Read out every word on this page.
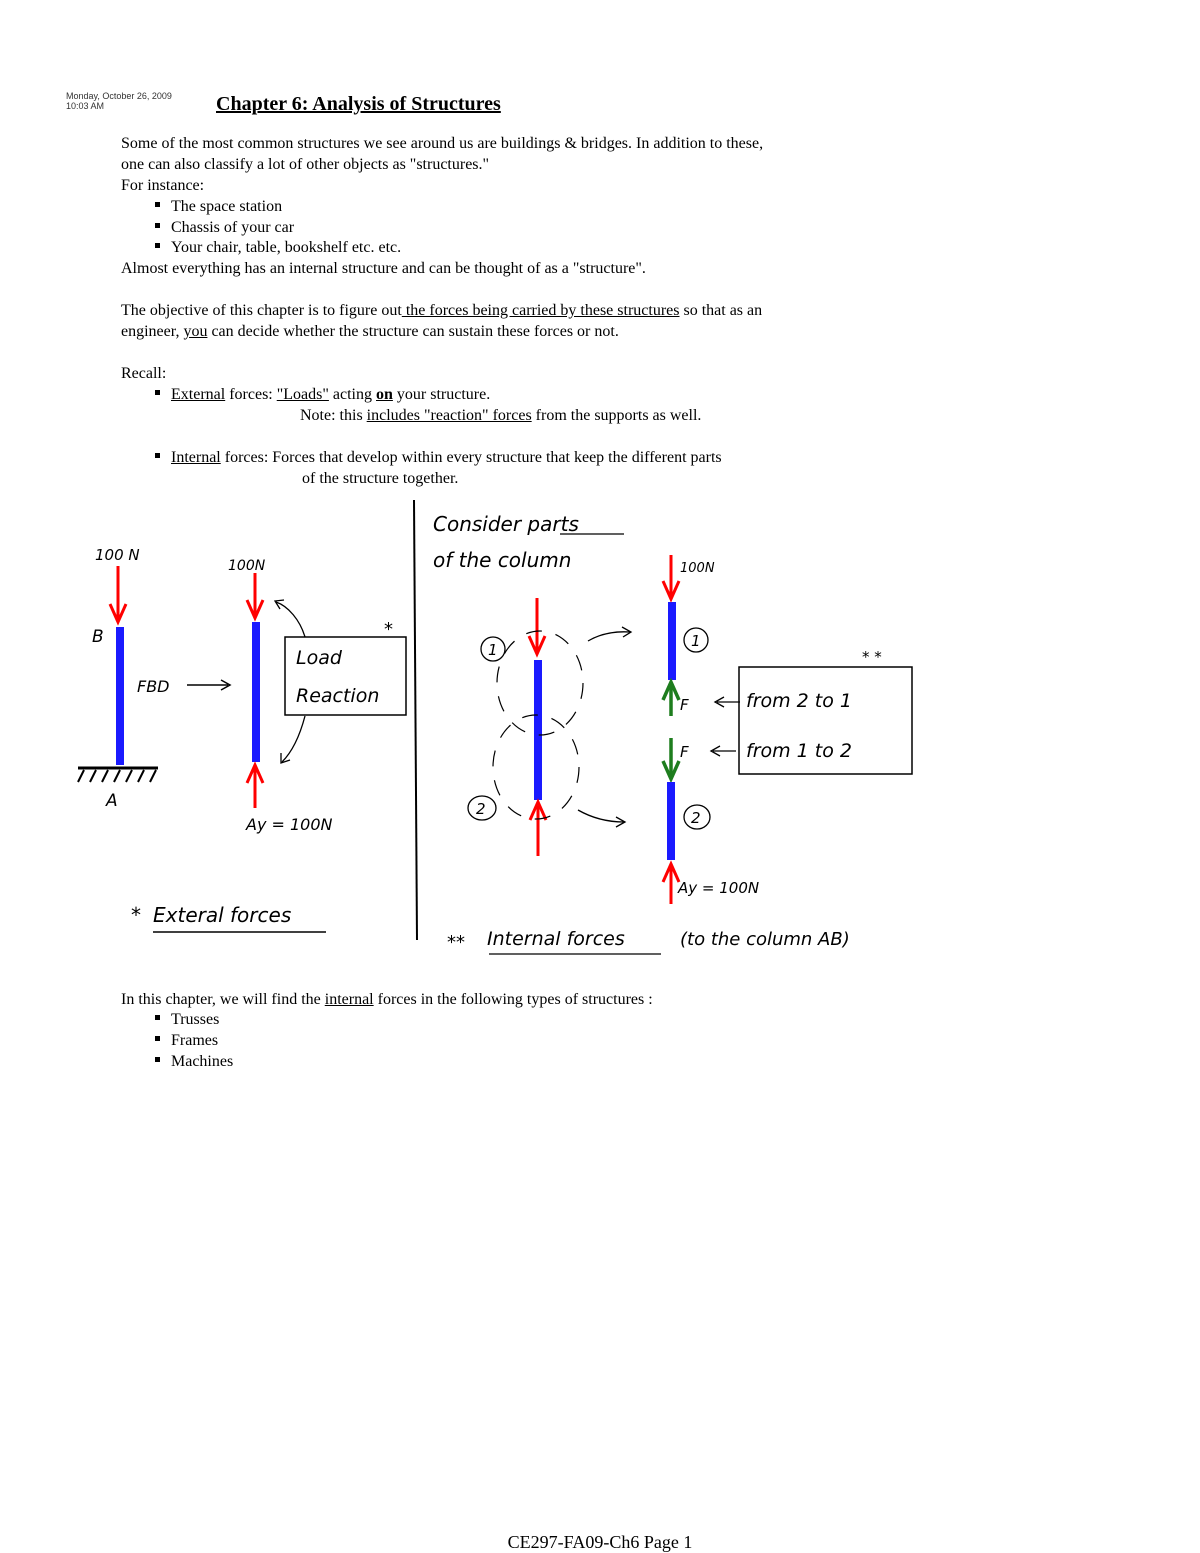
Monday, October 26, 2009
10:03 AM	Chapter 6: Analysis of Structures
Some of the most common structures we see around us are buildings & bridges. In addition to these,
one can also classify a lot of other objects as "structures."
For instance:
The space station
Chassis of your car
Your chair, table, bookshelf etc. etc.
Almost everything has an internal structure and can be thought of as a "structure".
The objective of this chapter is to figure out the forces being carried by these structures so that as an
engineer, you can decide whether the structure can sustain these forces or not.
Recall:
External forces: "Loads" acting on your structure.
Note: this includes "reaction" forces from the supports as well.
Internal forces: Forces that develop within every structure that keep the different parts
of the structure together.
100 N
B
A
FBD
100N
Ay = 100N
*
Load
Reaction
* Exteral forces
Consider parts
of the column
1
2
100N
1
F
F
2
Ay = 100N
* *
from 2 to 1
from 1 to 2
** Internal forces	(to the column AB)
In this chapter, we will find the internal forces in the following types of structures :
Trusses
Frames
Machines
CE297-FA09-Ch6 Page 1
